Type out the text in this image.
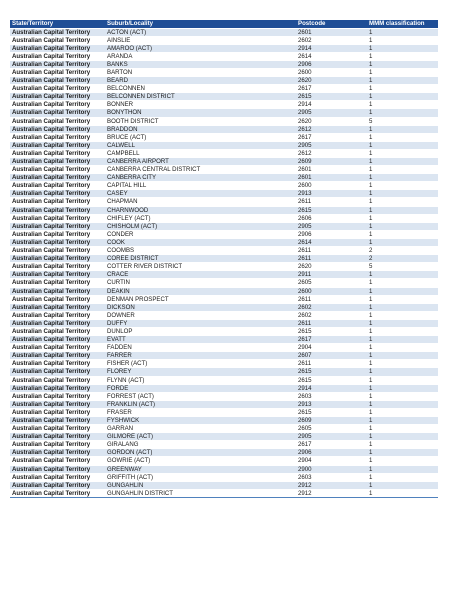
State/Territory	Suburb/Locality	Postcode	MMM classification
Australian Capital Territory	ACTON (ACT)	2601	1
Australian Capital Territory	AINSLIE	2602	1
Australian Capital Territory	AMAROO (ACT)	2914	1
Australian Capital Territory	ARANDA	2614	1
Australian Capital Territory	BANKS	2906	1
Australian Capital Territory	BARTON	2600	1
Australian Capital Territory	BEARD	2620	1
Australian Capital Territory	BELCONNEN	2617	1
Australian Capital Territory	BELCONNEN DISTRICT	2615	1
Australian Capital Territory	BONNER	2914	1
Australian Capital Territory	BONYTHON	2905	1
Australian Capital Territory	BOOTH DISTRICT	2620	5
Australian Capital Territory	BRADDON	2612	1
Australian Capital Territory	BRUCE (ACT)	2617	1
Australian Capital Territory	CALWELL	2905	1
Australian Capital Territory	CAMPBELL	2612	1
Australian Capital Territory	CANBERRA AIRPORT	2609	1
Australian Capital Territory	CANBERRA CENTRAL DISTRICT	2601	1
Australian Capital Territory	CANBERRA CITY	2601	1
Australian Capital Territory	CAPITAL HILL	2600	1
Australian Capital Territory	CASEY	2913	1
Australian Capital Territory	CHAPMAN	2611	1
Australian Capital Territory	CHARNWOOD	2615	1
Australian Capital Territory	CHIFLEY (ACT)	2606	1
Australian Capital Territory	CHISHOLM (ACT)	2905	1
Australian Capital Territory	CONDER	2906	1
Australian Capital Territory	COOK	2614	1
Australian Capital Territory	COOMBS	2611	2
Australian Capital Territory	COREE DISTRICT	2611	2
Australian Capital Territory	COTTER RIVER DISTRICT	2620	5
Australian Capital Territory	CRACE	2911	1
Australian Capital Territory	CURTIN	2605	1
Australian Capital Territory	DEAKIN	2600	1
Australian Capital Territory	DENMAN PROSPECT	2611	1
Australian Capital Territory	DICKSON	2602	1
Australian Capital Territory	DOWNER	2602	1
Australian Capital Territory	DUFFY	2611	1
Australian Capital Territory	DUNLOP	2615	1
Australian Capital Territory	EVATT	2617	1
Australian Capital Territory	FADDEN	2904	1
Australian Capital Territory	FARRER	2607	1
Australian Capital Territory	FISHER (ACT)	2611	1
Australian Capital Territory	FLOREY	2615	1
Australian Capital Territory	FLYNN (ACT)	2615	1
Australian Capital Territory	FORDE	2914	1
Australian Capital Territory	FORREST (ACT)	2603	1
Australian Capital Territory	FRANKLIN (ACT)	2913	1
Australian Capital Territory	FRASER	2615	1
Australian Capital Territory	FYSHWICK	2609	1
Australian Capital Territory	GARRAN	2605	1
Australian Capital Territory	GILMORE (ACT)	2905	1
Australian Capital Territory	GIRALANG	2617	1
Australian Capital Territory	GORDON (ACT)	2906	1
Australian Capital Territory	GOWRIE (ACT)	2904	1
Australian Capital Territory	GREENWAY	2900	1
Australian Capital Territory	GRIFFITH (ACT)	2603	1
Australian Capital Territory	GUNGAHLIN	2912	1
Australian Capital Territory	GUNGAHLIN DISTRICT	2912	1
